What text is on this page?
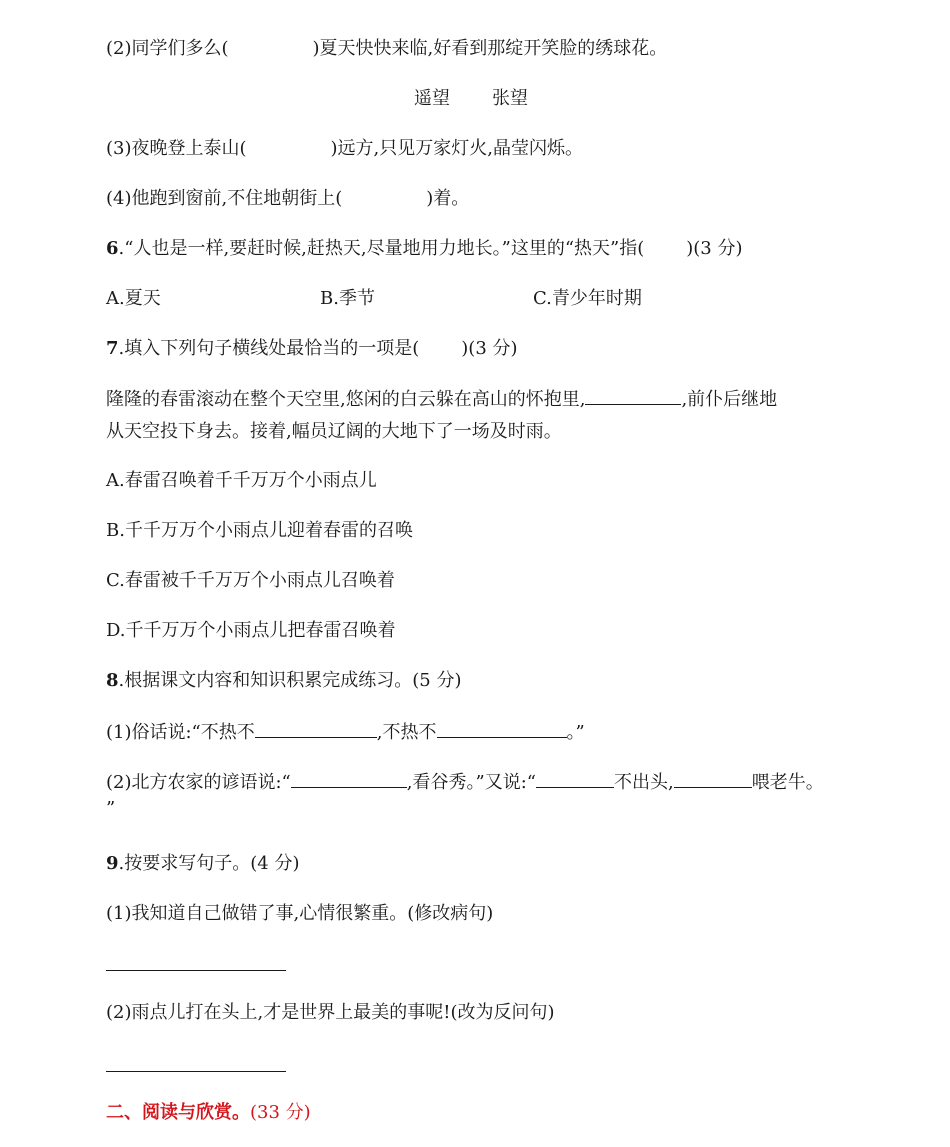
(2)同学们多么(	)夏天快快来临,好看到那绽开笑脸的绣球花。
遥望 张望
(3)夜晚登上泰山(	)远方,只见万家灯火,晶莹闪烁。
(4)他跑到窗前,不住地朝街上(	)着。
6.“人也是一样,要赶时候,赶热天,尽量地用力地长。”这里的“热天”指( )(3 分)
A.夏天	B.季节	C.青少年时期
7.填入下列句子横线处最恰当的一项是( )(3 分)
隆隆的春雷滚动在整个天空里,悠闲的白云躲在高山的怀抱里,	,前仆后继地
从天空投下身去。接着,幅员辽阔的大地下了一场及时雨。
A.春雷召唤着千千万万个小雨点儿
B.千千万万个小雨点儿迎着春雷的召唤
C.春雷被千千万万个小雨点儿召唤着
D.千千万万个小雨点儿把春雷召唤着
8.根据课文内容和知识积累完成练习。(5 分)
(1)俗话说:“不热不	,不热不	。”
(2)北方农家的谚语说:“	,看谷秀。”又说:“	不出头,	喂老牛。
”
9.按要求写句子。(4 分)
(1)我知道自己做错了事,心情很繁重。(修改病句)
(2)雨点儿打在头上,才是世界上最美的事呢!(改为反问句)
二、阅读与欣赏。(33 分)
